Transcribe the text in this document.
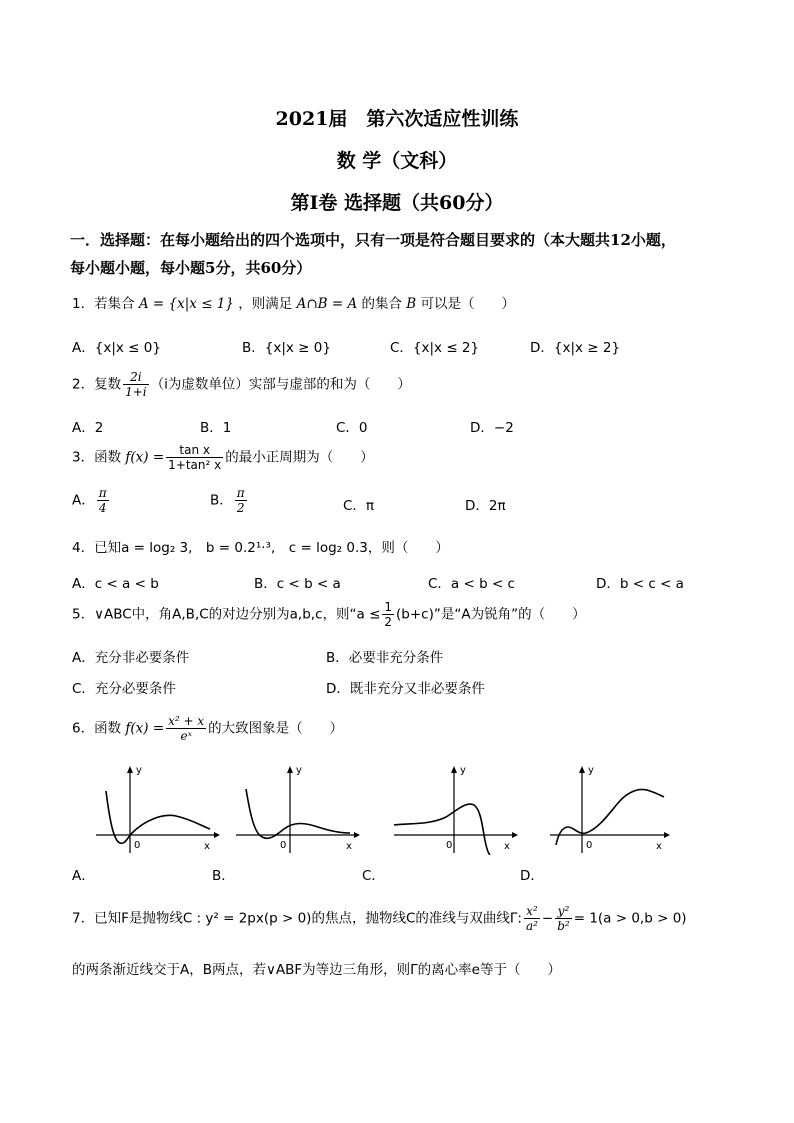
2021届　第六次适应性训练
数 学（文科）
第Ⅰ卷 选择题（共60分）
一．选择题：在每小题给出的四个选项中，只有一项是符合题目要求的（本大题共12小题，
每小题小题，每小题5分，共60分）
1．若集合 A = {x|x ≤ 1} ，则满足 A∩B = A 的集合 B 可以是（　　）
A．{x|x ≤ 0}	B．{x|x ≥ 0}	C．{x|x ≤ 2}	D．{x|x ≥ 2}
2．复数 $\frac{2i}{1+i} (i$为虚数单位）实部与虚部的和为（　　）
A．2	B．1	C．0	D．−2
3．函数 $f(x) = \frac{\text{tan x}}{\text{1+tan² x}}$ 的最小正周期为（　　）
A． $\frac{\pi}{4}$	B． $\frac{\pi}{2}$	C．π	D．2π
4．已知a = log₂ 3,　b = 0.2¹·³,　c = log₂ 0.3，则（　　）
A．c < a < b	B．c < b < a	C．a < b < c	D．b < c < a
5．∨ABC中，角A,B,C的对边分别为a,b,c，则“$a \le \frac{1}{2} (b+c)$”是“A为锐角”的（　　）
A．充分非必要条件	B．必要非充分条件
C．充分必要条件	D．既非充分又非必要条件
6．函数 $f(x) = \frac{\text{x² + x}}{\text{eˣ}}$ 的大致图象是（　　）
y
0	x
y
0	x
y
0	x
y
0	x
A．	B．	C．	D．
7．已知F是抛物线C : y² = 2px(p > 0)的焦点，抛物线C的准线与双曲线Γ: $\frac{\text{x²}}{\text{a²}} - \frac{\text{y²}}{\text{b²}} = 1(a > 0,b > 0)$
的两条渐近线交于A，B两点，若∨ABF为等边三角形，则Γ的离心率e等于（　　）
